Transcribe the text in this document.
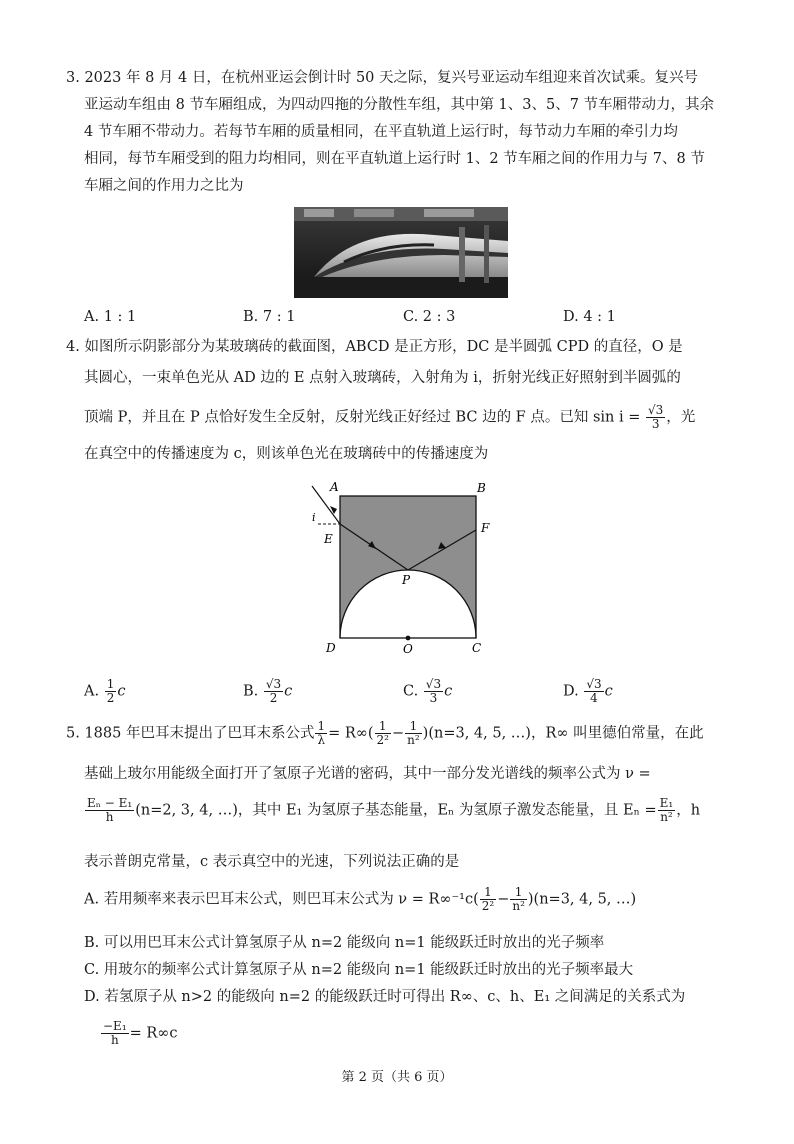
3. 2023 年 8 月 4 日，在杭州亚运会倒计时 50 天之际，复兴号亚运动车组迎来首次试乘。复兴号
亚运动车组由 8 节车厢组成，为四动四拖的分散性车组，其中第 1、3、5、7 节车厢带动力，其余
4 节车厢不带动力。若每节车厢的质量相同，在平直轨道上运行时，每节动力车厢的牵引力均
相同，每节车厢受到的阻力均相同，则在平直轨道上运行时 1、2 节车厢之间的作用力与 7、8 节
车厢之间的作用力之比为
A. 1 : 1	B. 7 : 1	C. 2 : 3	D. 4 : 1
4. 如图所示阴影部分为某玻璃砖的截面图，ABCD 是正方形，DC 是半圆弧 CPD 的直径，O 是
其圆心，一束单色光从 AD 边的 E 点射入玻璃砖，入射角为 i，折射光线正好照射到半圆弧的
顶端 P，并且在 P 点恰好发生全反射，反射光线正好经过 BC 边的 F 点。已知 $\sin i = \frac{√3}{3}$ ，光
在真空中的传播速度为 c，则该单色光在玻璃砖中的传播速度为
A	B
C
D
E
F
P
O
i
A. $\frac{1}{2}$ c	B. $\frac{√3}{2}$ c	C. $\frac{√3}{3}$ c	D. $\frac{√3}{4}$ c
5. 1885 年巴耳末提出了巴耳末系公式 $\frac{1}{\lambda} = R\infty( \frac{1}{\text{2²}} - \frac{1}{\text{n²}} )(n=3$, 4, 5, …)，R∞ 叫里德伯常量，在此
基础上玻尔用能级全面打开了氢原子光谱的密码，其中一部分发光谱线的频率公式为 ν =
$\frac{\text{Eₙ − E₁}}{h} (n=2$, 3, 4, …)，其中 E₁ 为氢原子基态能量，Eₙ 为氢原子激发态能量，且 $E_n = \frac{\text{E₁}}{\text{n²}}$ ，h
表示普朗克常量，c 表示真空中的光速，下列说法正确的是
A. 若用频率来表示巴耳末公式，则巴耳末公式为 $\nu = R\infty^{-1}c( \frac{1}{\text{2²}} - \frac{1}{\text{n²}} )(n=3$, 4, 5, …)
B. 可以用巴耳末公式计算氢原子从 n=2 能级向 n=1 能级跃迁时放出的光子频率
C. 用玻尔的频率公式计算氢原子从 n=2 能级向 n=1 能级跃迁时放出的光子频率最大
D. 若氢原子从 n>2 的能级向 n=2 的能级跃迁时可得出 R∞、c、h、E₁ 之间满足的关系式为
$\frac{\text{−E₁}}{h} = R\infty c$
第 2 页（共 6 页）
